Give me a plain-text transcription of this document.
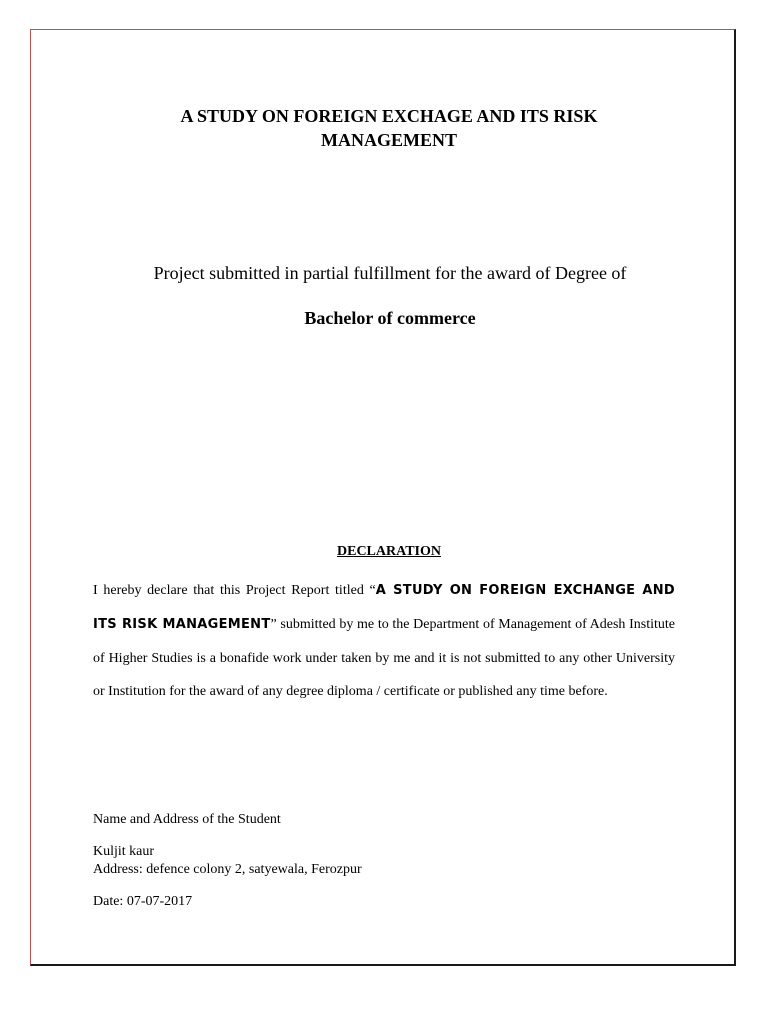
A STUDY ON FOREIGN EXCHAGE AND ITS RISK
MANAGEMENT

Project submitted in partial fulfillment for the award of Degree of

Bachelor of commerce

DECLARATION

I hereby declare that this Project Report titled “A STUDY ON FOREIGN EXCHANGE AND ITS RISK MANAGEMENT” submitted by me to the Department of Management of Adesh Institute of Higher Studies is a bonafide work under taken by me and it is not submitted to any other University or Institution for the award of any degree diploma / certificate or published any time before.

Name and Address of the Student

Kuljit kaur

Address: defence colony 2, satyewala, Ferozpur

Date: 07-07-2017
